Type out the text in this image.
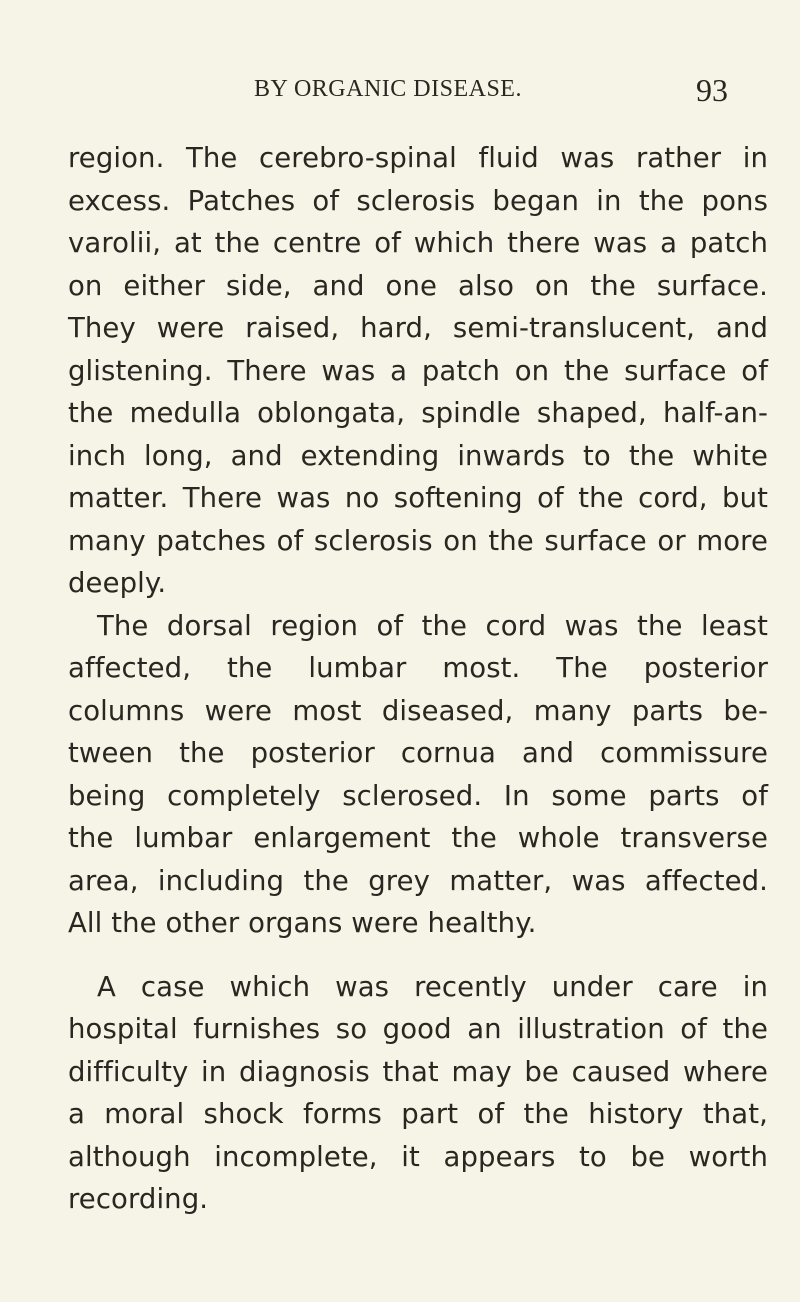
BY ORGANIC DISEASE.	93
region. The cerebro-spinal fluid was rather in
excess. Patches of sclerosis began in the pons
varolii, at the centre of which there was a patch
on either side, and one also on the surface.
They were raised, hard, semi-translucent, and
glistening. There was a patch on the surface of
the medulla oblongata, spindle shaped, half-an-
inch long, and extending inwards to the white
matter. There was no softening of the cord, but
many patches of sclerosis on the surface or more
deeply.
The dorsal region of the cord was the least
affected, the lumbar most. The posterior
columns were most diseased, many parts be-
tween the posterior cornua and commissure
being completely sclerosed. In some parts of
the lumbar enlargement the whole transverse
area, including the grey matter, was affected.
All the other organs were healthy.
A case which was recently under care in
hospital furnishes so good an illustration of the
difficulty in diagnosis that may be caused where
a moral shock forms part of the history that,
although incomplete, it appears to be worth
recording.
